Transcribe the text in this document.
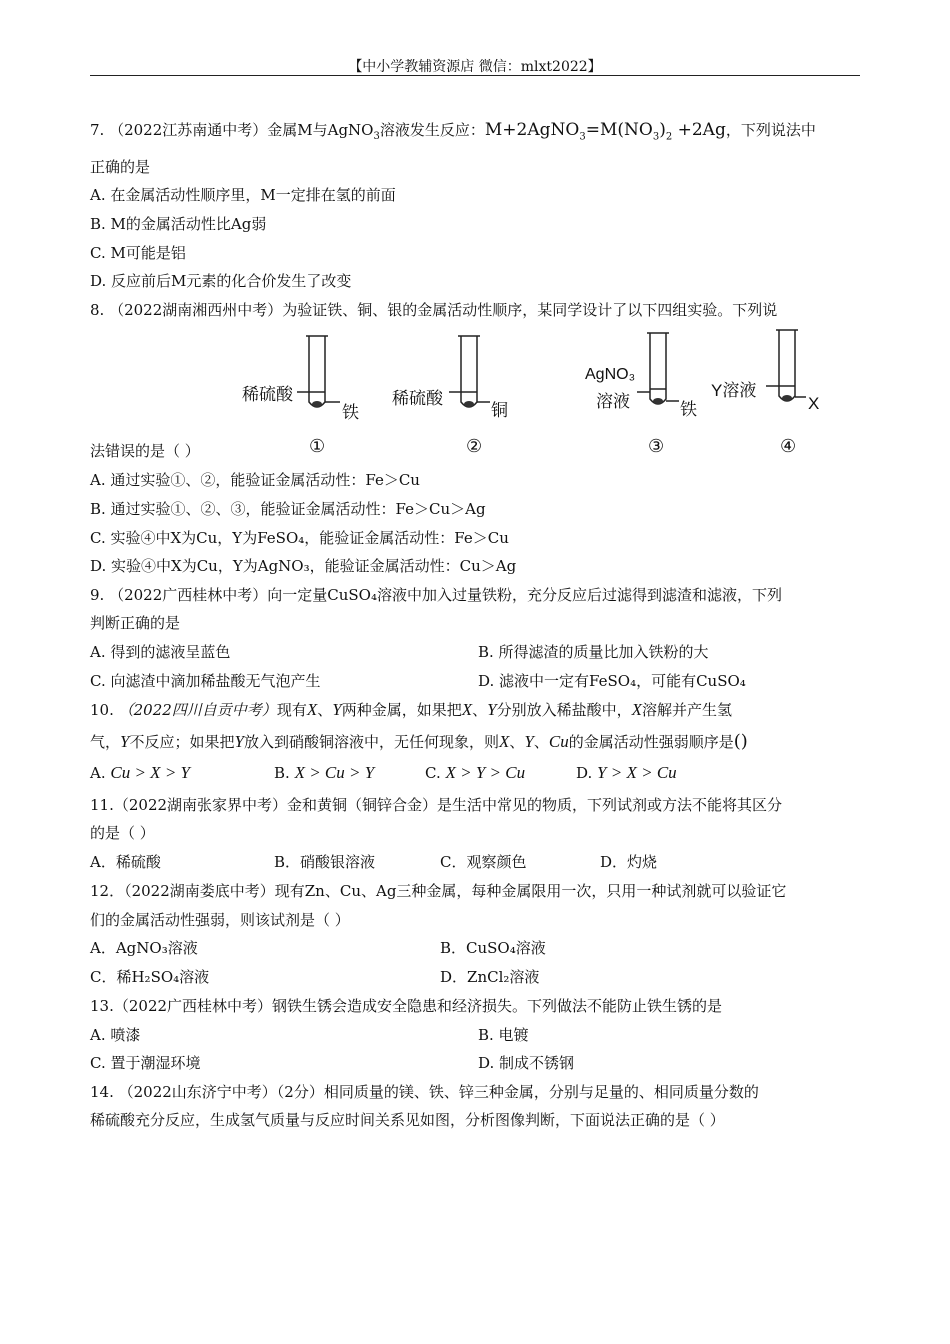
【中小学教辅资源店 微信：mlxt2022】
7. （2022江苏南通中考）金属M与AgNO$_3$溶液发生反应：$M+2AgNO_3=M(NO_3)_2 +2Ag$，下列说法中
正确的是
A. 在金属活动性顺序里，M一定排在氢的前面
B. M的金属活动性比Ag弱
C. M可能是铝
D. 反应前后M元素的化合价发生了改变
8. （2022湖南湘西州中考）为验证铁、铜、银的金属活动性顺序，某同学设计了以下四组实验。下列说
稀硫酸
铁
稀硫酸
铜
AgNO₃
溶液	铁
Y溶液
X
①	②	③	④
法错误的是（ ）
A. 通过实验①、②，能验证金属活动性：Fe＞Cu
B. 通过实验①、②、③，能验证金属活动性：Fe＞Cu＞Ag
C. 实验④中X为Cu，Y为FeSO₄，能验证金属活动性：Fe＞Cu
D. 实验④中X为Cu，Y为AgNO₃，能验证金属活动性：Cu＞Ag
9. （2022广西桂林中考）向一定量CuSO₄溶液中加入过量铁粉，充分反应后过滤得到滤渣和滤液，下列
判断正确的是
A. 得到的滤液呈蓝色	B. 所得滤渣的质量比加入铁粉的大
C. 向滤渣中滴加稀盐酸无气泡产生	D. 滤液中一定有FeSO₄，可能有CuSO₄
10. （2022四川自贡中考）现有X、Y两种金属，如果把X、Y分别放入稀盐酸中，X溶解并产生氢
气，Y不反应；如果把Y放入到硝酸铜溶液中，无任何现象，则X、Y、Cu的金属活动性强弱顺序是()
A. Cu > X > Y	B. X > Cu > Y	C. X > Y > Cu	D. Y > X > Cu
11.（2022湖南张家界中考）金和黄铜（铜锌合金）是生活中常见的物质，下列试剂或方法不能将其区分
的是（ ）
A．稀硫酸	B．硝酸银溶液	C．观察颜色	D．灼烧
12．（2022湖南娄底中考）现有Zn、Cu、Ag三种金属，每种金属限用一次，只用一种试剂就可以验证它
们的金属活动性强弱，则该试剂是（ ）
A．AgNO₃溶液	B．CuSO₄溶液
C．稀H₂SO₄溶液	D．ZnCl₂溶液
13.（2022广西桂林中考）钢铁生锈会造成安全隐患和经济损失。下列做法不能防止铁生锈的是
A. 喷漆	B. 电镀
C. 置于潮湿环境	D. 制成不锈钢
14. （2022山东济宁中考）（2分）相同质量的镁、铁、锌三种金属，分别与足量的、相同质量分数的
稀硫酸充分反应，生成氢气质量与反应时间关系见如图，分析图像判断，下面说法正确的是（ ）
